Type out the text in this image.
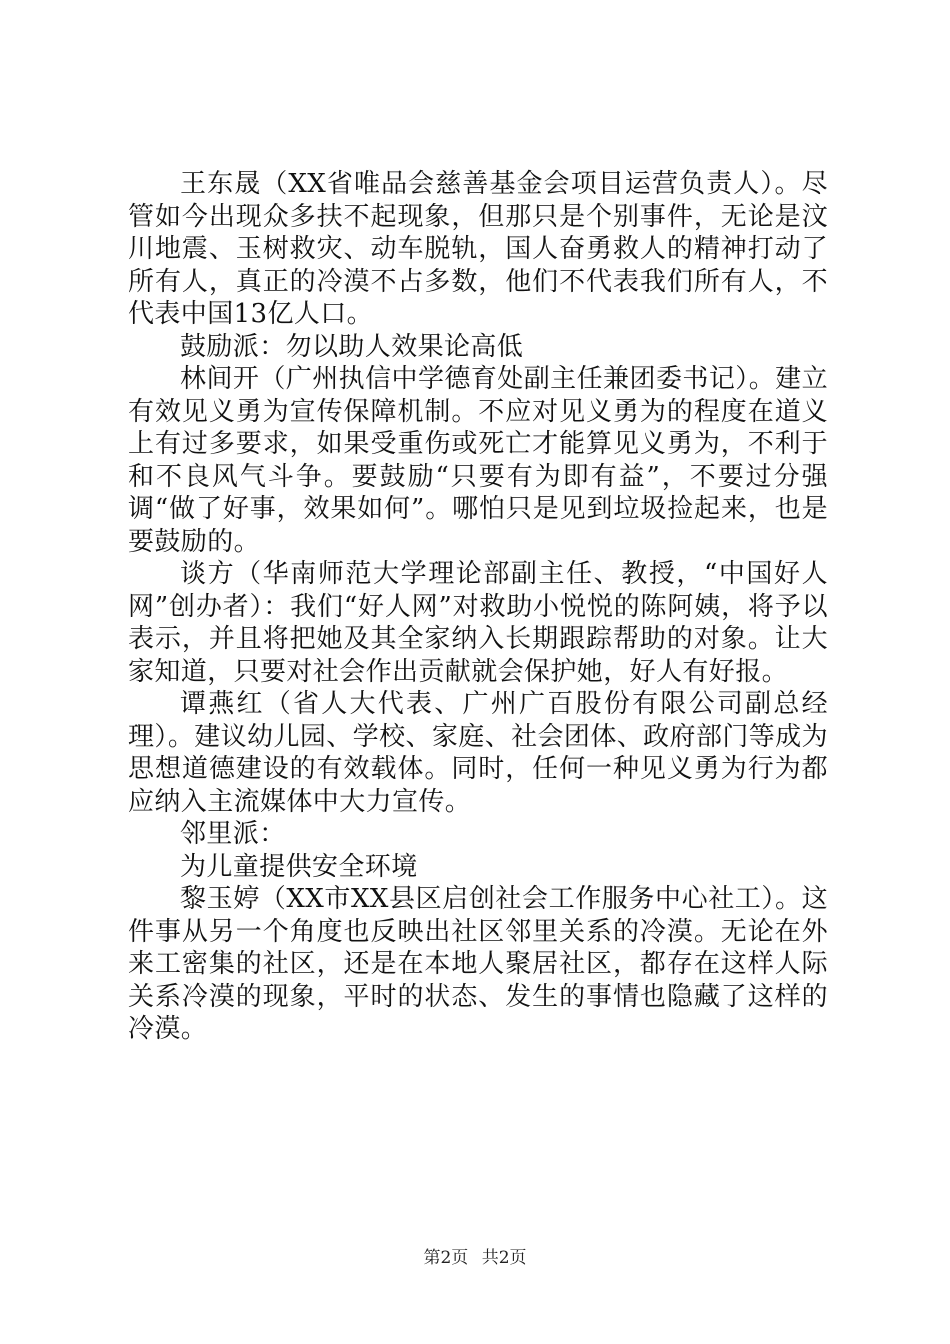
王东晟（XX省唯品会慈善基金会项目运营负责人）。尽管如今出现众多扶不起现象，但那只是个别事件，无论是汶川地震、玉树救灾、动车脱轨，国人奋勇救人的精神打动了所有人，真正的冷漠不占多数，他们不代表我们所有人，不代表中国13亿人口。

鼓励派：勿以助人效果论高低

林间开（广州执信中学德育处副主任兼团委书记）。建立有效见义勇为宣传保障机制。不应对见义勇为的程度在道义上有过多要求，如果受重伤或死亡才能算见义勇为，不利于和不良风气斗争。要鼓励“只要有为即有益”，不要过分强调“做了好事，效果如何”。哪怕只是见到垃圾捡起来，也是要鼓励的。

谈方（华南师范大学理论部副主任、教授，“中国好人网”创办者）：我们“好人网”对救助小悦悦的陈阿姨，将予以表示，并且将把她及其全家纳入长期跟踪帮助的对象。让大家知道，只要对社会作出贡献就会保护她，好人有好报。

谭燕红（省人大代表、广州广百股份有限公司副总经理）。建议幼儿园、学校、家庭、社会团体、政府部门等成为思想道德建设的有效载体。同时，任何一种见义勇为行为都应纳入主流媒体中大力宣传。

邻里派：

为儿童提供安全环境

黎玉婷（XX市XX县区启创社会工作服务中心社工）。这件事从另一个角度也反映出社区邻里关系的冷漠。无论在外来工密集的社区，还是在本地人聚居社区，都存在这样人际关系冷漠的现象，平时的状态、发生的事情也隐藏了这样的冷漠。

第2页 共2页
